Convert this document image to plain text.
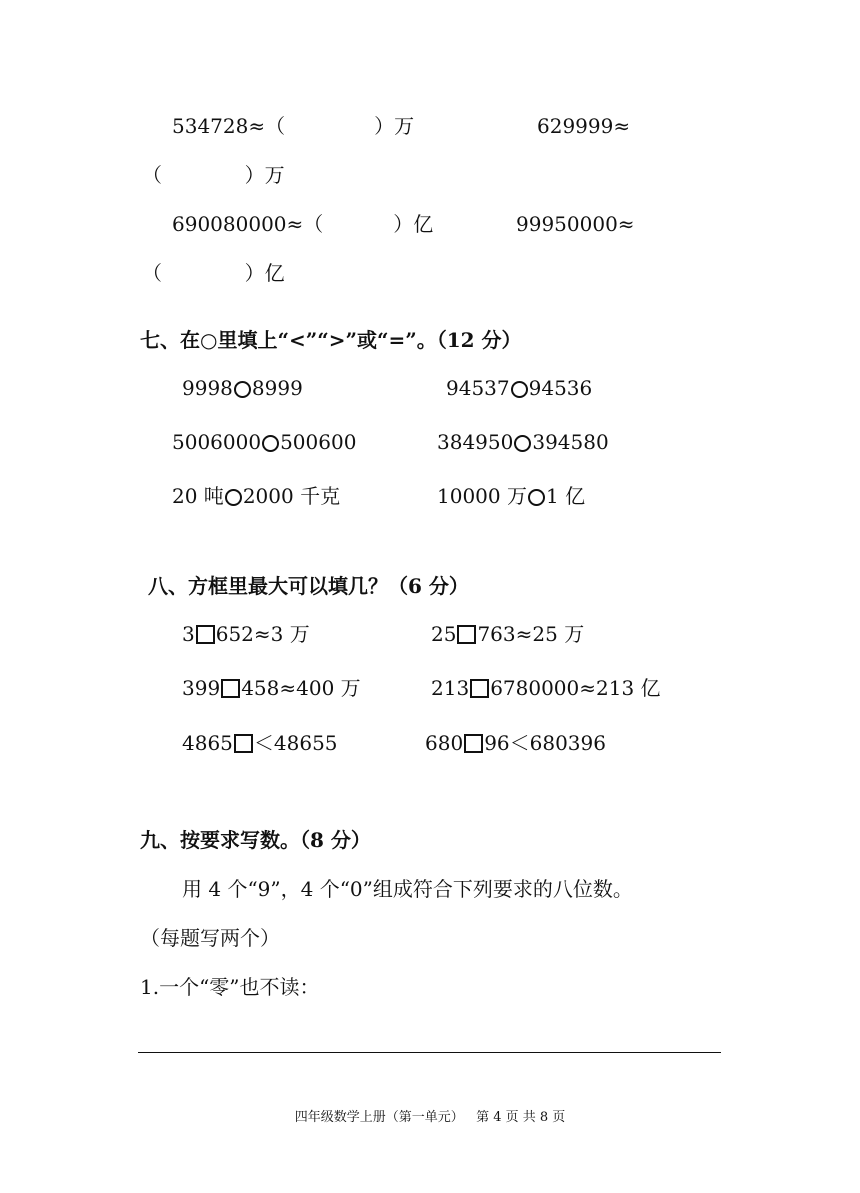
534728≈（              ）万	629999≈
（             ）万
690080000≈（           ）亿	99950000≈
（             ）亿
七、在○里填上“<”“>”或“=”。（12 分）
9998 8999	94537 94536
5006000 500600	384950 394580
20 吨 2000 千克	10000 万 1 亿
八、方框里最大可以填几？（6 分）
3 652≈3 万	25 763≈25 万
399 458≈400 万	213 6780000≈213 亿
4865 ＜48655	680 96＜680396
九、按要求写数。（8 分）
用 4 个“9”，4 个“0”组成符合下列要求的八位数。
（每题写两个）
1.一个“零”也不读：
四年级数学上册（第一单元）   第 4 页 共 8 页
